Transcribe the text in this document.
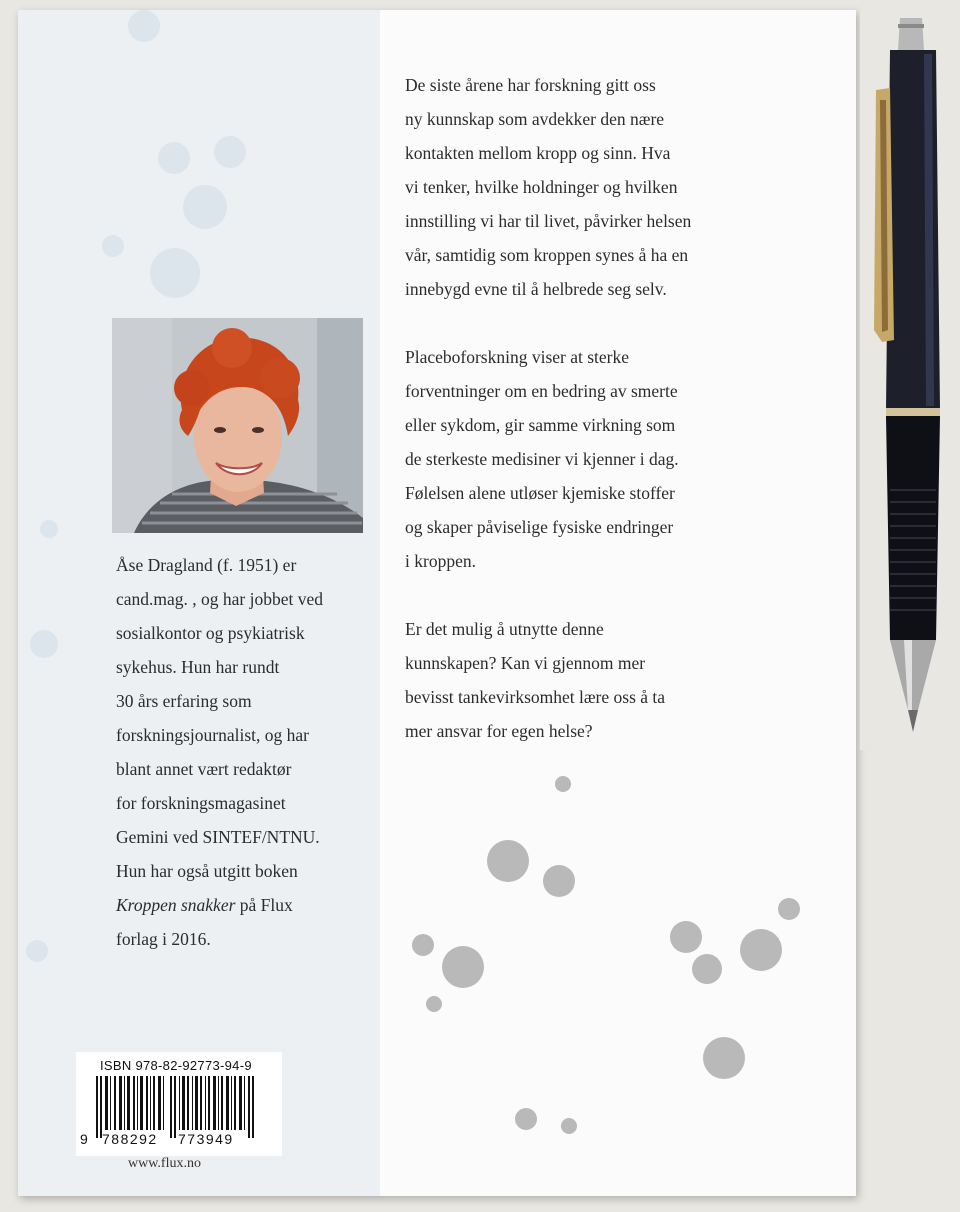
De siste årene har forskning gitt oss
ny kunnskap som avdekker den nære
kontakten mellom kropp og sinn. Hva
vi tenker, hvilke holdninger og hvilken
innstilling vi har til livet, påvirker helsen
vår, samtidig som kroppen synes å ha en
innebygd evne til å helbrede seg selv.

Placeboforskning viser at sterke
forventninger om en bedring av smerte
eller sykdom, gir samme virkning som
de sterkeste medisiner vi kjenner i dag.
Følelsen alene utløser kjemiske stoffer
og skaper påviselige fysiske endringer
i kroppen.

Er det mulig å utnytte denne
kunnskapen? Kan vi gjennom mer
bevisst tankevirksomhet lære oss å ta
mer ansvar for egen helse?

Åse Dragland (f. 1951) er
cand.mag. , og har jobbet ved
sosialkontor og psykiatrisk
sykehus. Hun har rundt
30 års erfaring som
forskningsjournalist, og har
blant annet vært redaktør
for forskningsmagasinet
Gemini ved SINTEF/NTNU.
Hun har også utgitt boken
Kroppen snakker på Flux
forlag i 2016.
ISBN 978-82-92773-94-9
9 788292 773949
www.flux.no
